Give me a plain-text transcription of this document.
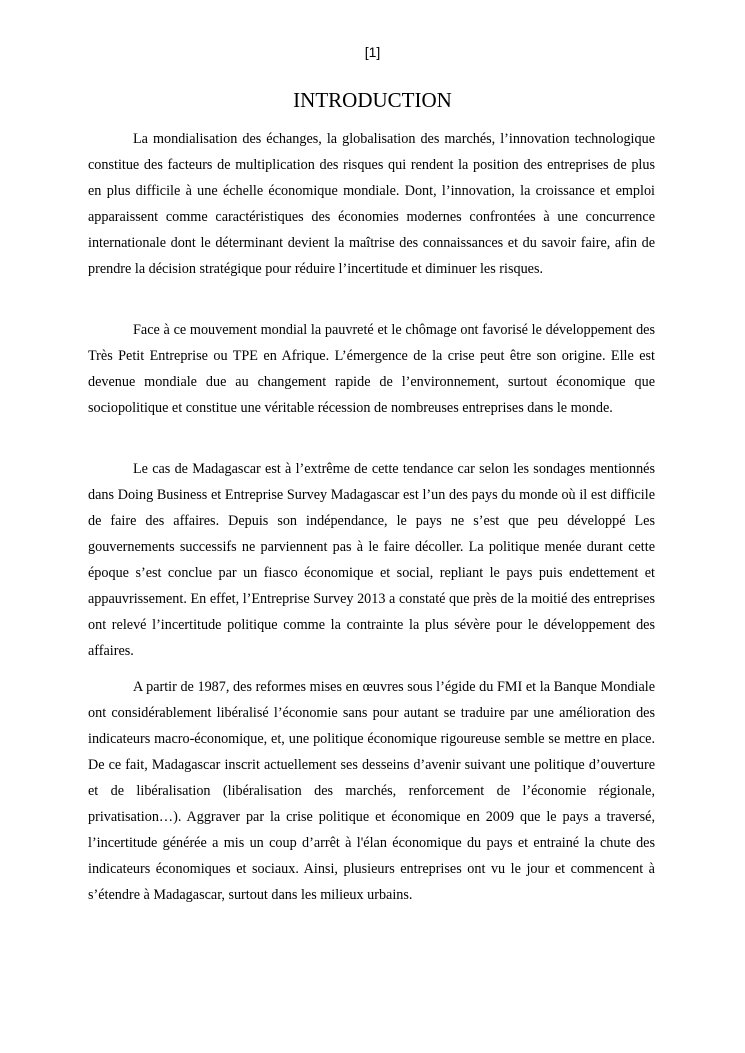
[1]
INTRODUCTION

La mondialisation des échanges, la globalisation des marchés, l’innovation technologique constitue des facteurs de multiplication des risques qui rendent la position des entreprises de plus en plus difficile à une échelle économique mondiale. Dont, l’innovation, la croissance et emploi apparaissent comme caractéristiques des économies modernes confrontées à une concurrence internationale dont le déterminant devient la maîtrise des connaissances et du savoir faire, afin de prendre la décision stratégique pour réduire l’incertitude et diminuer les risques.

Face à ce mouvement mondial la pauvreté et le chômage ont favorisé le développement des Très Petit Entreprise ou TPE en Afrique. L’émergence de la crise peut être son origine. Elle est devenue mondiale due au changement rapide de l’environnement, surtout économique que sociopolitique et constitue une véritable récession de nombreuses entreprises dans le monde.

Le cas de Madagascar est à l’extrême de cette tendance car selon les sondages mentionnés dans Doing Business et Entreprise Survey Madagascar est l’un des pays du monde où il est difficile de faire des affaires. Depuis son indépendance, le pays ne s’est que peu développé Les gouvernements successifs ne parviennent pas à le faire décoller. La politique menée durant cette époque s’est conclue par un fiasco économique et social, repliant le pays puis endettement et appauvrissement. En effet, l’Entreprise Survey 2013 a constaté que près de la moitié des entreprises ont relevé l’incertitude politique comme la contrainte la plus sévère pour le développement des affaires.

A partir de 1987, des reformes mises en œuvres sous l’égide du FMI et la Banque Mondiale ont considérablement libéralisé l’économie sans pour autant se traduire par une amélioration des indicateurs macro-économique, et, une politique économique rigoureuse semble se mettre en place. De ce fait, Madagascar inscrit actuellement ses desseins d’avenir suivant une politique d’ouverture et de libéralisation (libéralisation des marchés, renforcement de l’économie régionale, privatisation…). Aggraver par la crise politique et économique en 2009 que le pays a traversé, l’incertitude générée a mis un coup d’arrêt à l'élan économique du pays et entrainé la chute des indicateurs économiques et sociaux. Ainsi, plusieurs entreprises ont vu le jour et commencent à s’étendre à Madagascar, surtout dans les milieux urbains.
